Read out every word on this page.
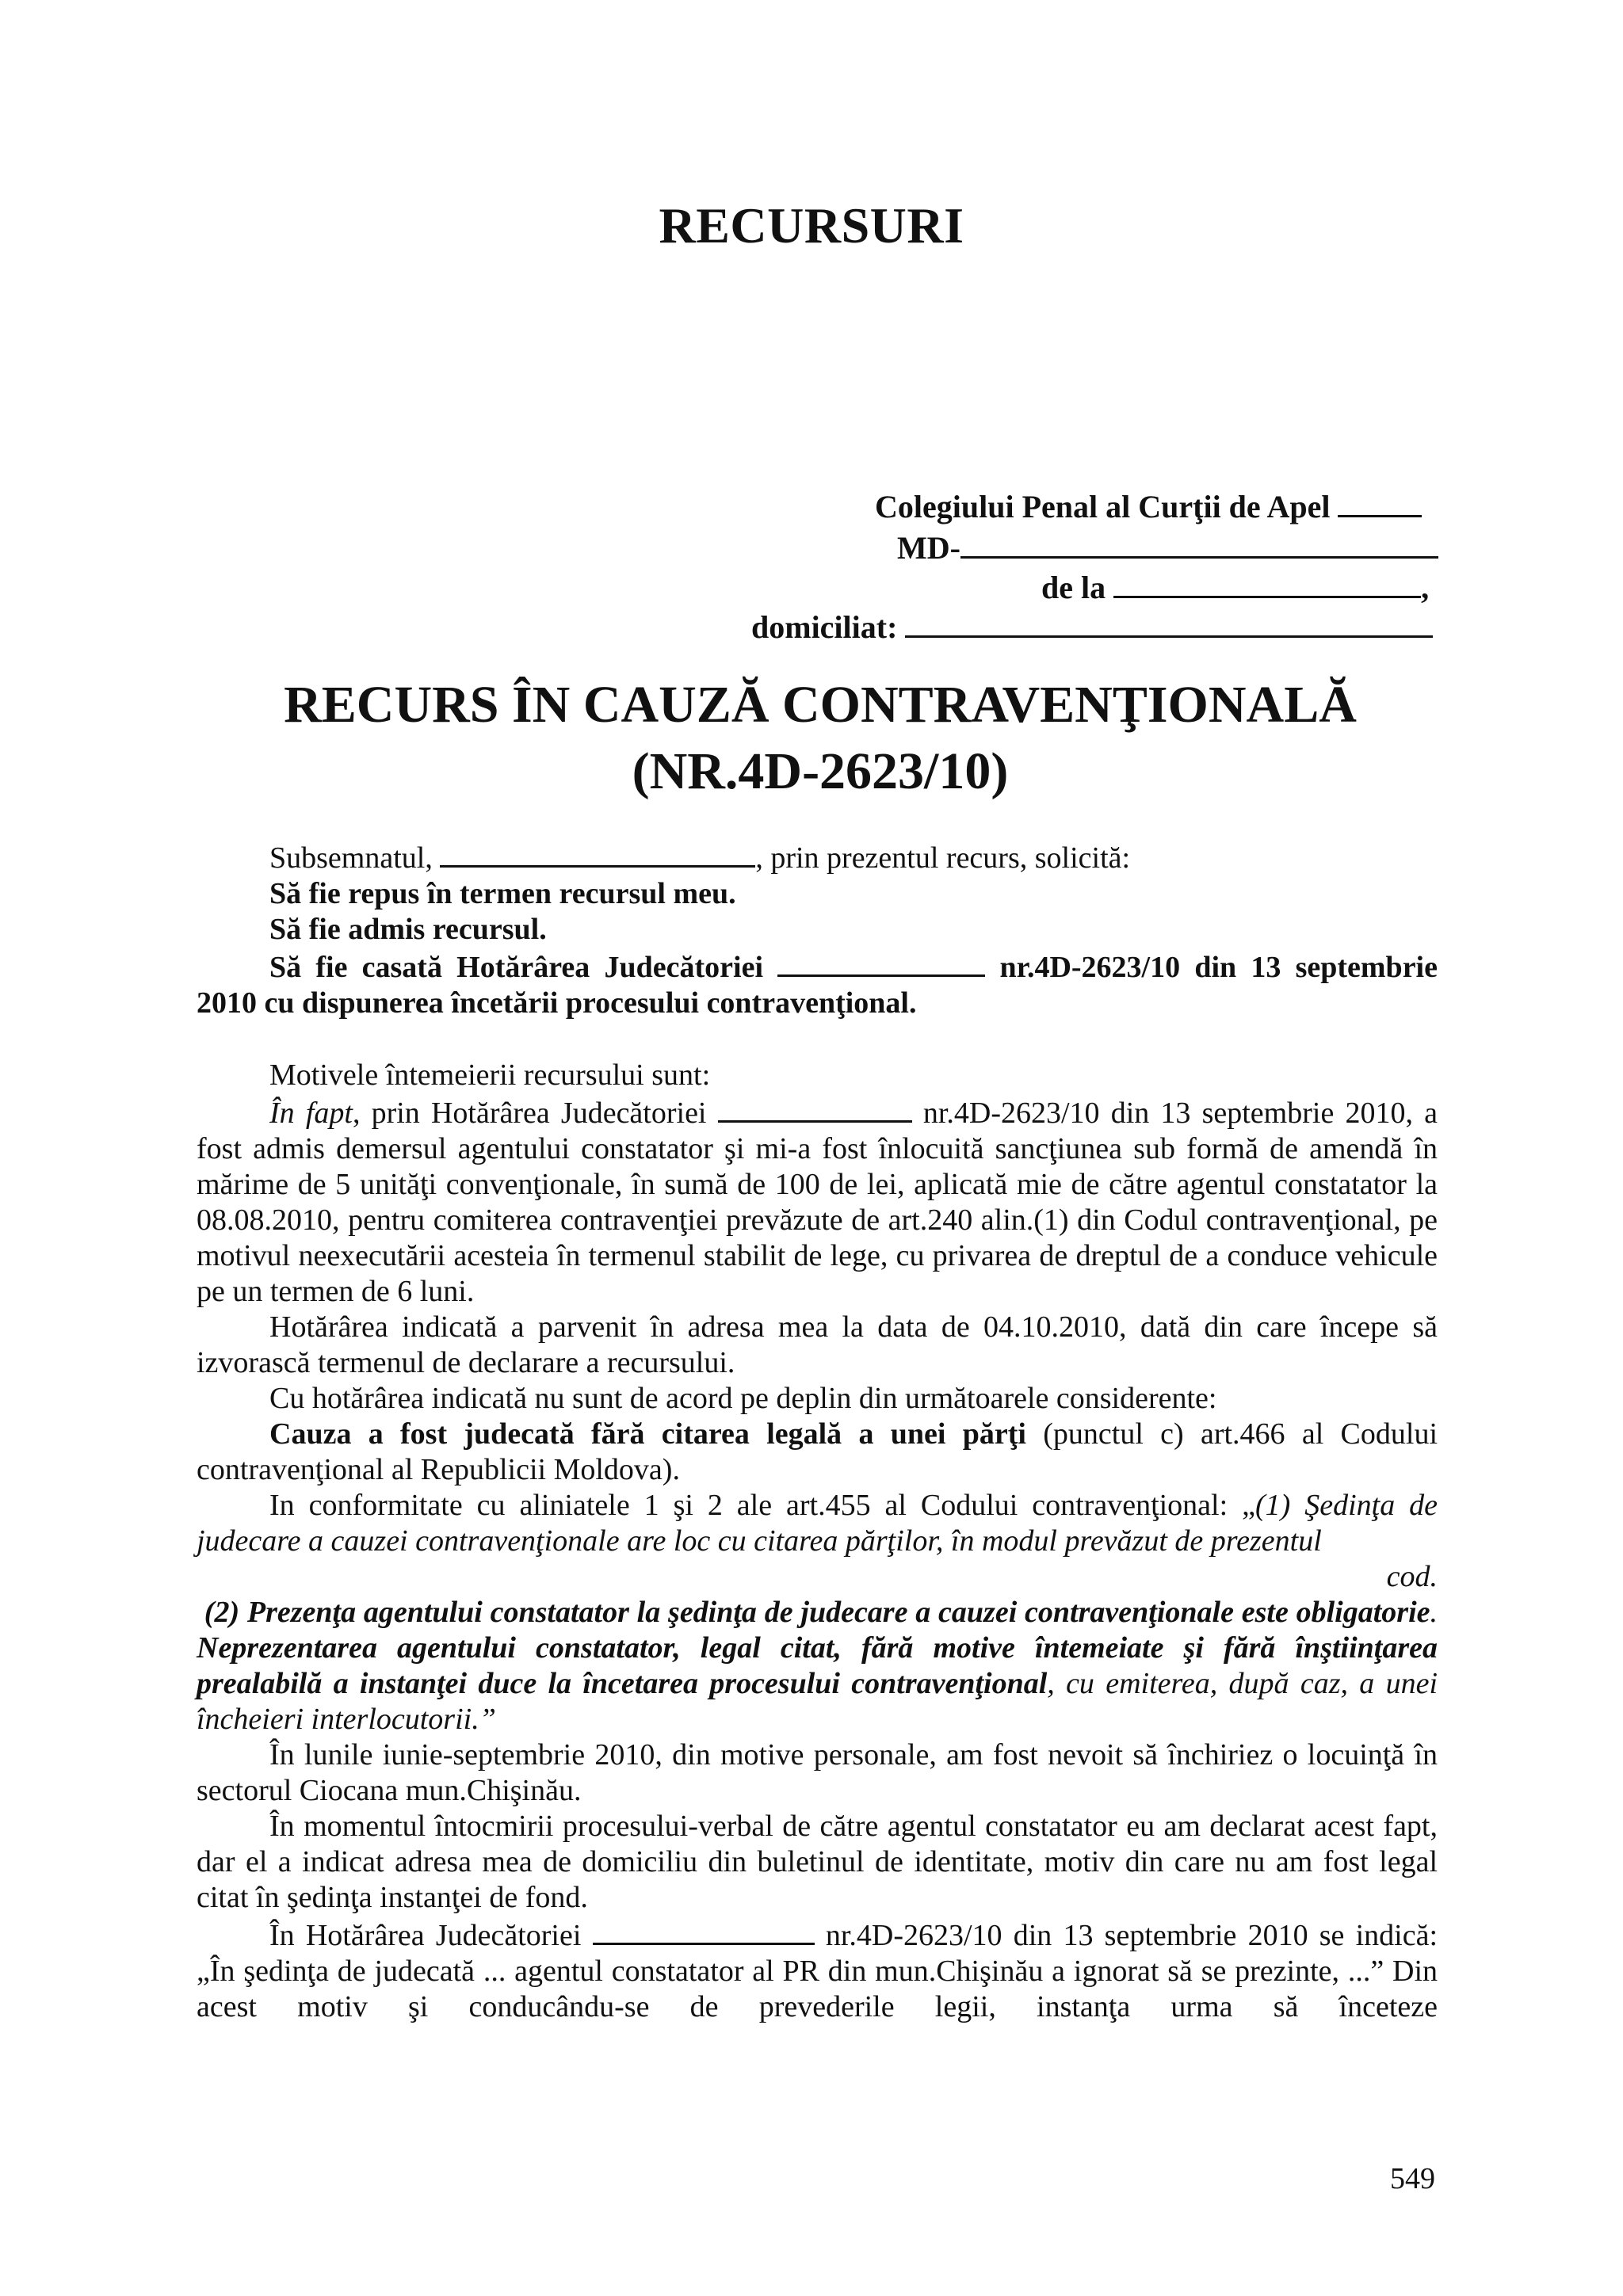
RECURSURI
Colegiului Penal al Curţii de Apel
MD-
de la	,
domiciliat:
RECURS ÎN CAUZĂ CONTRAVENŢIONALĂ
(NR.4D-2623/10)

Subsemnatul,	, prin prezentul recurs, solicită:

Să fie repus în termen recursul meu.

Să fie admis recursul.

Să fie casată Hotărârea Judecătoriei	nr.4D-2623/10 din 13 septembrie 2010 cu dispunerea încetării procesului contravenţional.

Motivele întemeierii recursului sunt:

În fapt, prin Hotărârea Judecătoriei	nr.4D-2623/10 din 13 septembrie 2010, a fost admis demersul agentului constatator şi mi-a fost înlocuită sancţiunea sub formă de amendă în mărime de 5 unităţi convenţionale, în sumă de 100 de lei, aplicată mie de către agentul constatator la 08.08.2010, pentru comiterea contravenţiei prevăzute de art.240 alin.(1) din Codul contravenţional, pe motivul neexecutării acesteia în termenul stabilit de lege, cu privarea de dreptul de a conduce vehicule pe un termen de 6 luni.

Hotărârea indicată a parvenit în adresa mea la data de 04.10.2010, dată din care începe să izvorască termenul de declarare a recursului.

Cu hotărârea indicată nu sunt de acord pe deplin din următoarele considerente:

Cauza a fost judecată fără citarea legală a unei părţi (punctul c) art.466 al Codului contravenţional al Republicii Moldova).

In conformitate cu aliniatele 1 şi 2 ale art.455 al Codului contravenţional: „(1) Şedinţa de judecare a cauzei contravenţionale are loc cu citarea părţilor, în modul prevăzut de prezentul

cod.

(2) Prezenţa agentului constatator la şedinţa de judecare a cauzei contravenţionale este obligatorie. Neprezentarea agentului constatator, legal citat, fără motive întemeiate şi fără înştiinţarea prealabilă a instanţei duce la încetarea procesului contravenţional, cu emiterea, după caz, a unei încheieri interlocutorii.”

În lunile iunie-septembrie 2010, din motive personale, am fost nevoit să închiriez o locuinţă în sectorul Ciocana mun.Chişinău.

În momentul întocmirii procesului-verbal de către agentul constatator eu am declarat acest fapt, dar el a indicat adresa mea de domiciliu din buletinul de identitate, motiv din care nu am fost legal citat în şedinţa instanţei de fond.

În Hotărârea Judecătoriei	nr.4D-2623/10 din 13 septembrie 2010 se indică: „În şedinţa de judecată ... agentul constatator al PR din mun.Chişinău a ignorat să se prezinte, ...” Din acest motiv şi conducându-se de prevederile legii, instanţa urma să înceteze

549
